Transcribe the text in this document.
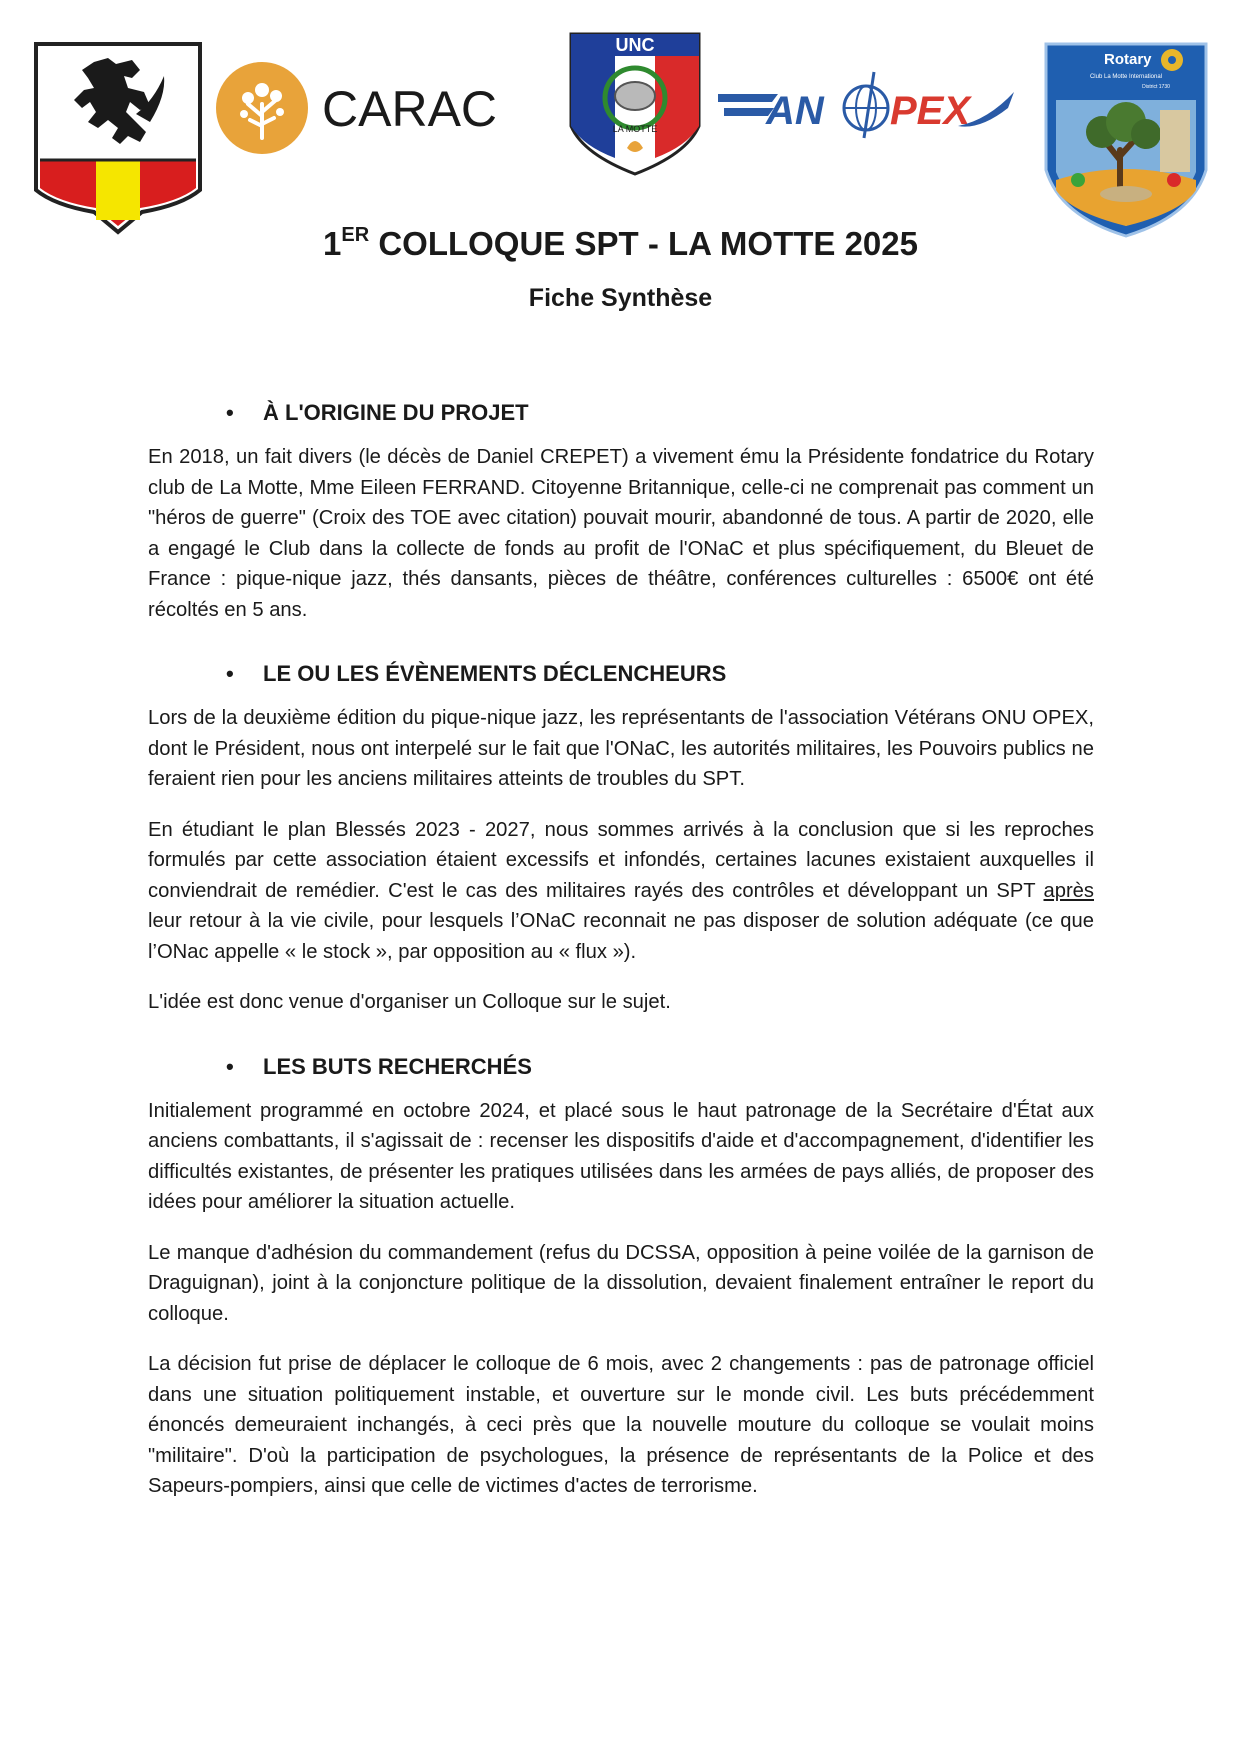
CARAC
UNC
LA MOTTE	AN PEX
Rotary
Club La Motte International
District 1730
1ER COLLOQUE SPT - LA MOTTE 2025
Fiche Synthèse
• À L'ORIGINE DU PROJET

En 2018, un fait divers (le décès de Daniel CREPET) a vivement ému la Présidente fondatrice du Rotary club de La Motte, Mme Eileen FERRAND. Citoyenne Britannique, celle-ci ne comprenait pas comment un "héros de guerre" (Croix des TOE avec citation) pouvait mourir, abandonné de tous. A partir de 2020, elle a engagé le Club dans la collecte de fonds au profit de l'ONaC et plus spécifiquement, du Bleuet de France : pique-nique jazz, thés dansants, pièces de théâtre, conférences culturelles : 6500€ ont été récoltés en 5 ans.

• LE OU LES ÉVÈNEMENTS DÉCLENCHEURS

Lors de la deuxième édition du pique-nique jazz, les représentants de l'association Vétérans ONU OPEX, dont le Président, nous ont interpelé sur le fait que l'ONaC, les autorités militaires, les Pouvoirs publics ne feraient rien pour les anciens militaires atteints de troubles du SPT.

En étudiant le plan Blessés 2023 - 2027, nous sommes arrivés à la conclusion que si les reproches formulés par cette association étaient excessifs et infondés, certaines lacunes existaient auxquelles il conviendrait de remédier. C'est le cas des militaires rayés des contrôles et développant un SPT après leur retour à la vie civile, pour lesquels l’ONaC reconnait ne pas disposer de solution adéquate (ce que l’ONac appelle « le stock », par opposition au « flux »).

L'idée est donc venue d'organiser un Colloque sur le sujet.

• LES BUTS RECHERCHÉS

Initialement programmé en octobre 2024, et placé sous le haut patronage de la Secrétaire d'État aux anciens combattants, il s'agissait de : recenser les dispositifs d'aide et d'accompagnement, d'identifier les difficultés existantes, de présenter les pratiques utilisées dans les armées de pays alliés, de proposer des idées pour améliorer la situation actuelle.

Le manque d'adhésion du commandement (refus du DCSSA, opposition à peine voilée de la garnison de Draguignan), joint à la conjoncture politique de la dissolution, devaient finalement entraîner le report du colloque.

La décision fut prise de déplacer le colloque de 6 mois, avec 2 changements : pas de patronage officiel dans une situation politiquement instable, et ouverture sur le monde civil. Les buts précédemment énoncés demeuraient inchangés, à ceci près que la nouvelle mouture du colloque se voulait moins "militaire". D'où la participation de psychologues, la présence de représentants de la Police et des Sapeurs-pompiers, ainsi que celle de victimes d'actes de terrorisme.
